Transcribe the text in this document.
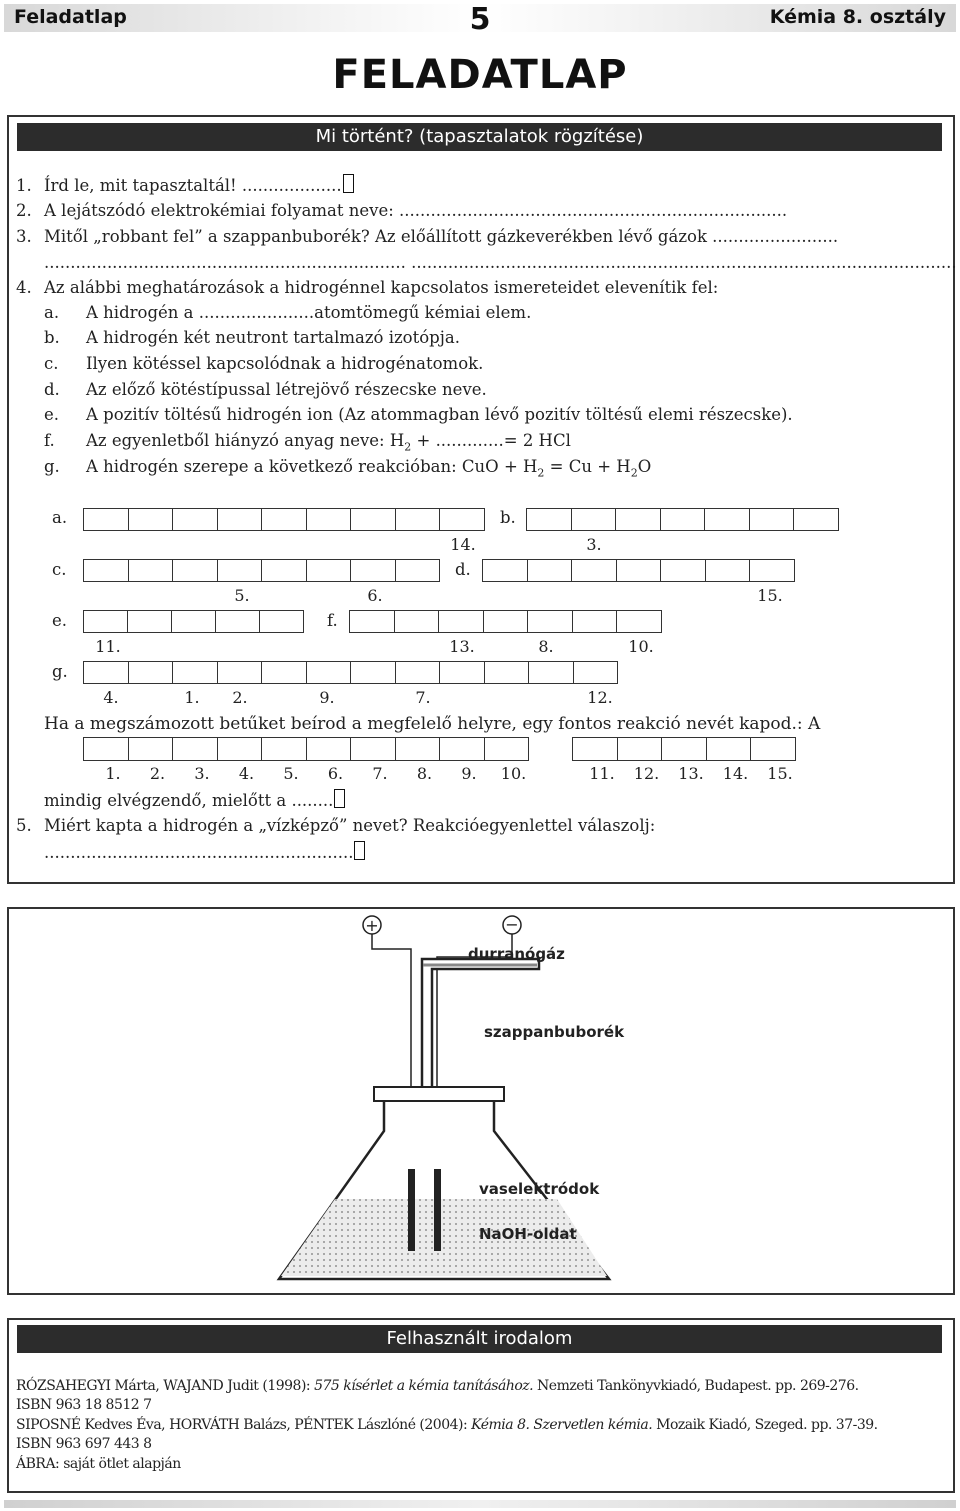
Feladatlap	5	Kémia 8. osztály
FELADATLAP
Mi történt? (tapasztalatok rögzítése)
1. Írd le, mit tapasztaltál! ...................
2. A lejátszódó elektrokémiai folyamat neve: ..........................................................................
3. Mitől „robbant fel” a szappanbuborék? Az előállított gázkeverékben lévő gázok ........................
..................................................................... ........................................................................................................
4. Az alábbi meghatározások a hidrogénnel kapcsolatos ismereteidet elevenítik fel:
a. A hidrogén a ......................atomtömegű kémiai elem.
b. A hidrogén két neutront tartalmazó izotópja.
c. Ilyen kötéssel kapcsolódnak a hidrogénatomok.
d. Az előző kötéstípussal létrejövő részecske neve.
e. A pozitív töltésű hidrogén ion (Az atommagban lévő pozitív töltésű elemi részecske).
f. Az egyenletből hiányzó anyag neve: $H_2$ + .............= 2 HCl
g. A hidrogén szerepe a következő reakcióban: CuO + $H_2 = Cu + H_2O$
a.	b.
c.	d.
e.	f.
g.
14.	3.
5.	6.	15.
11.	13.	8.	10.
4.	1. 2.	9.	7.	12.
Ha a megszámozott betűket beírod a megfelelő helyre, egy fontos reakció nevét kapod.: A
1. 2. 3. 4. 5. 6. 7. 8. 9. 10.	11. 12. 13. 14. 15.
mindig elvégzendő, mielőtt a ........
5. Miért kapta a hidrogén a „vízképző” nevet? Reakcióegyenlettel válaszolj:
...........................................................
+	−
durranógáz
szappanbuborék
vaselektródok
NaOH-oldat
Felhasznált irodalom
RÓZSAHEGYI Márta, WAJAND Judit (1998): 575 kísérlet a kémia tanításához. Nemzeti Tankönyvkiadó, Budapest. pp. 269-276.
ISBN 963 18 8512 7
SIPOSNÉ Kedves Éva, HORVÁTH Balázs, PÉNTEK Lászlóné (2004): Kémia 8. Szervetlen kémia. Mozaik Kiadó, Szeged. pp. 37-39.
ISBN 963 697 443 8
ÁBRA: saját ötlet alapján
